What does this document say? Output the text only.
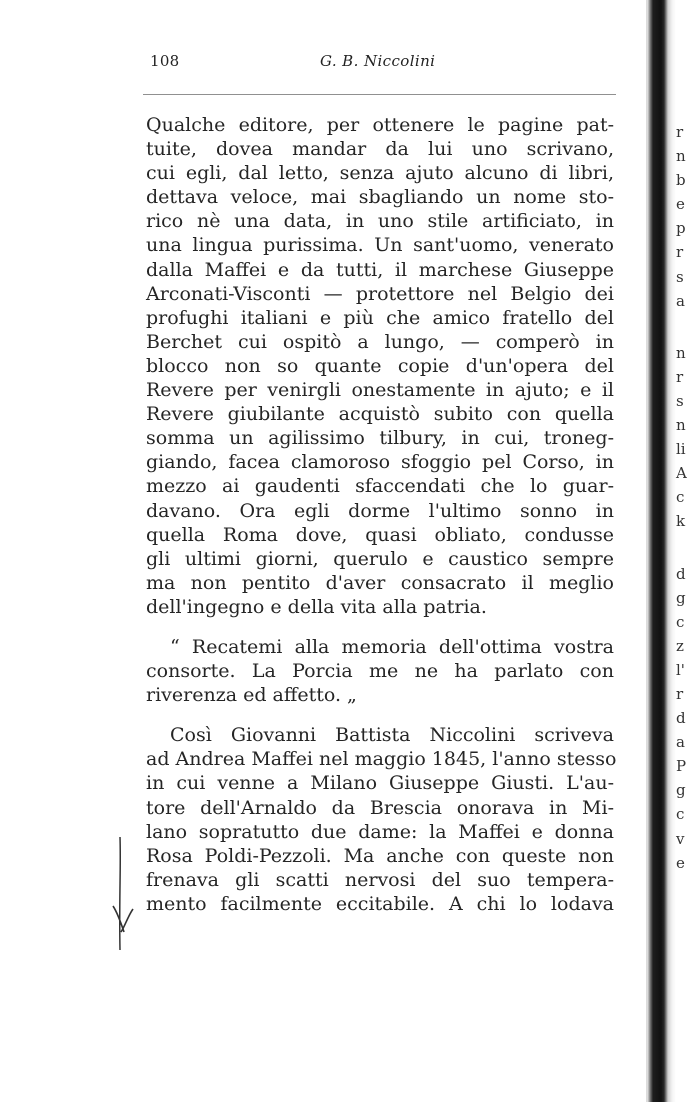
108	G. B. Niccolini
Qualche editore, per ottenere le pagine pat-
tuite, dovea mandar da lui uno scrivano,
cui egli, dal letto, senza ajuto alcuno di libri,
dettava veloce, mai sbagliando un nome sto-
rico nè una data, in uno stile artificiato, in
una lingua purissima. Un sant'uomo, venerato
dalla Maffei e da tutti, il marchese Giuseppe
Arconati-Visconti — protettore nel Belgio dei
profughi italiani e più che amico fratello del
Berchet cui ospitò a lungo, — comperò in
blocco non so quante copie d'un'opera del
Revere per venirgli onestamente in ajuto; e il
Revere giubilante acquistò subito con quella
somma un agilissimo tilbury, in cui, troneg-
giando, facea clamoroso sfoggio pel Corso, in
mezzo ai gaudenti sfaccendati che lo guar-
davano. Ora egli dorme l'ultimo sonno in
quella Roma dove, quasi obliato, condusse
gli ultimi giorni, querulo e caustico sempre
ma non pentito d'aver consacrato il meglio
dell'ingegno e della vita alla patria.
“ Recatemi alla memoria dell'ottima vostra
consorte. La Porcia me ne ha parlato con
riverenza ed affetto. „
Così Giovanni Battista Niccolini scriveva
ad Andrea Maffei nel maggio 1845, l'anno stesso
in cui venne a Milano Giuseppe Giusti. L'au-
tore dell'Arnaldo da Brescia onorava in Mi-
lano sopratutto due dame: la Maffei e donna
Rosa Poldi-Pezzoli. Ma anche con queste non
frenava gli scatti nervosi del suo tempera-
mento facilmente eccitabile. A chi lo lodava
r
n
b
e
p
r
s
a
n
r
s
n
li
A
c
k
d
g
c
z
l'
r
d
a
P
g
c
v
e
